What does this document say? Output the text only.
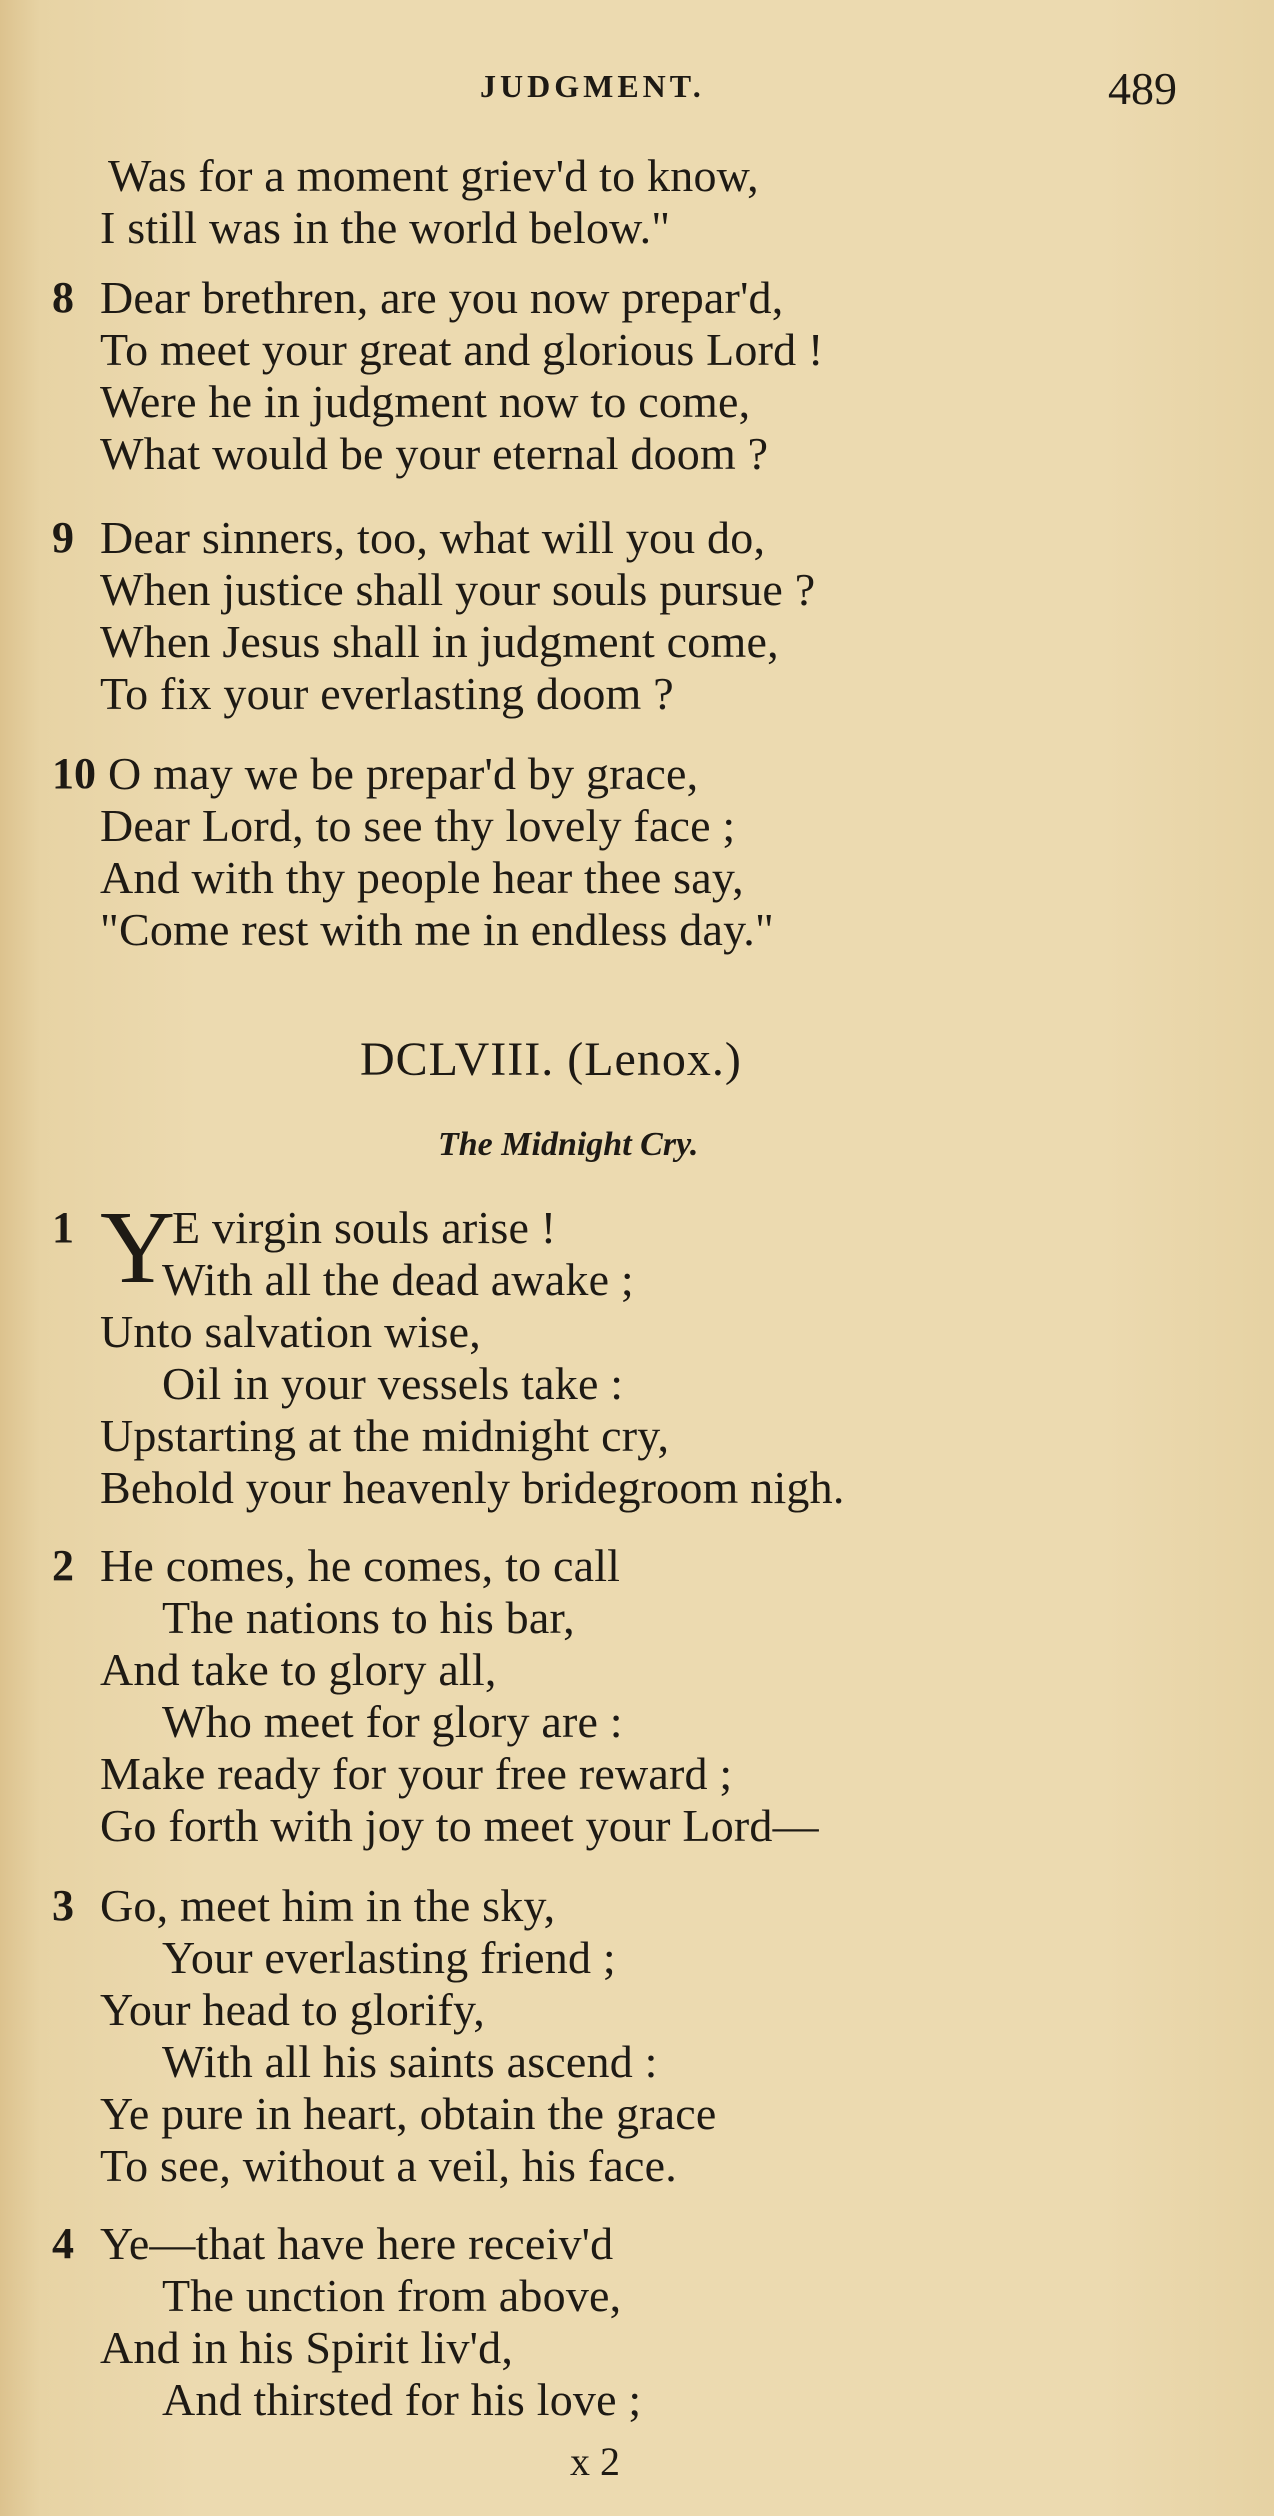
JUDGMENT.	489
Was for a moment griev'd to know,
I still was in the world below."
8 Dear brethren, are you now prepar'd,
To meet your great and glorious Lord !
Were he in judgment now to come,
What would be your eternal doom ?
9 Dear sinners, too, what will you do,
When justice shall your souls pursue ?
When Jesus shall in judgment come,
To fix your everlasting doom ?
10 O may we be prepar'd by grace,
Dear Lord, to see thy lovely face ;
And with thy people hear thee say,
"Come rest with me in endless day."
DCLVIII. (Lenox.)
The Midnight Cry.
1 Y
E virgin souls arise !
With all the dead awake ;
Unto salvation wise,
Oil in your vessels take :
Upstarting at the midnight cry,
Behold your heavenly bridegroom nigh.
2 He comes, he comes, to call
The nations to his bar,
And take to glory all,
Who meet for glory are :
Make ready for your free reward ;
Go forth with joy to meet your Lord—
3 Go, meet him in the sky,
Your everlasting friend ;
Your head to glorify,
With all his saints ascend :
Ye pure in heart, obtain the grace
To see, without a veil, his face.
4 Ye—that have here receiv'd
The unction from above,
And in his Spirit liv'd,
And thirsted for his love ;
x 2
